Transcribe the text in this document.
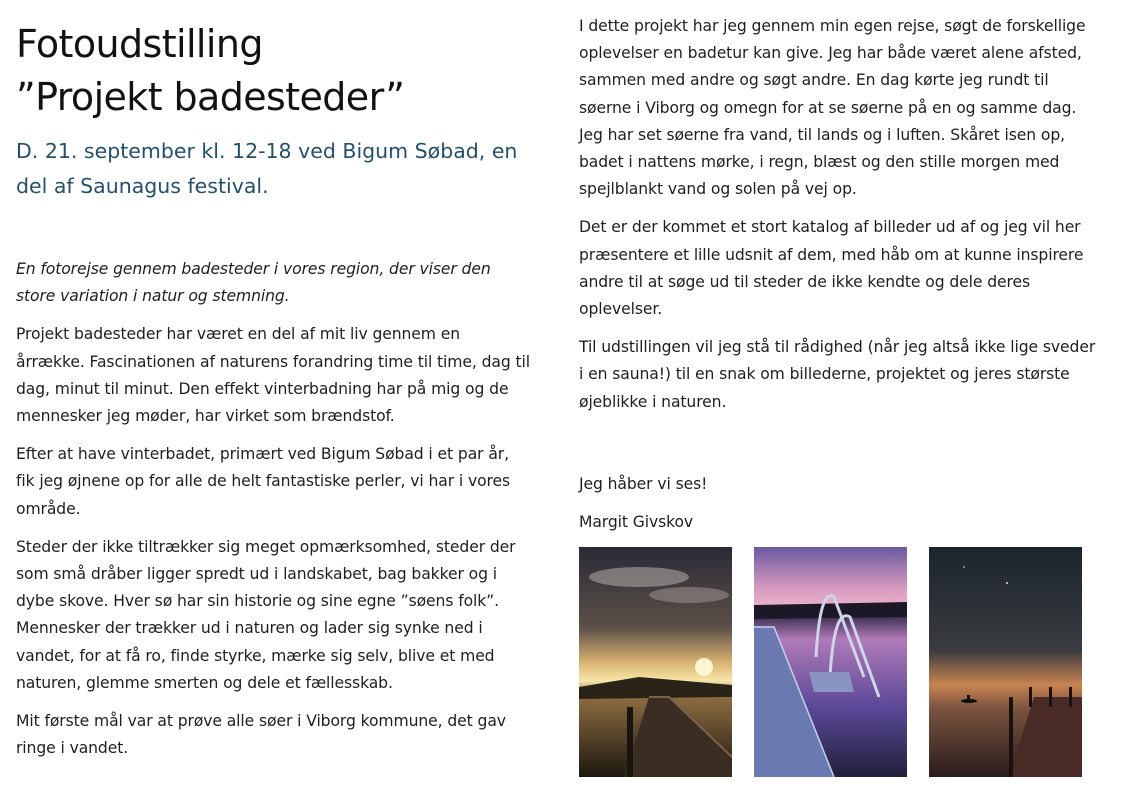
Fotoudstilling
”Projekt badesteder”
D. 21. september kl. 12-18 ved Bigum Søbad, en del af Saunagus festival.

En fotorejse gennem badesteder i vores region, der viser den store variation i natur og stemning.

Projekt badesteder har været en del af mit liv gennem en årrække. Fascinationen af naturens forandring time til time, dag til dag, minut til minut. Den effekt vinterbadning har på mig og de mennesker jeg møder, har virket som brændstof.

Efter at have vinterbadet, primært ved Bigum Søbad i et par år, fik jeg øjnene op for alle de helt fantastiske perler, vi har i vores område.

Steder der ikke tiltrækker sig meget opmærksomhed, steder der som små dråber ligger spredt ud i landskabet, bag bakker og i dybe skove. Hver sø har sin historie og sine egne ”søens folk”. Mennesker der trækker ud i naturen og lader sig synke ned i vandet, for at få ro, finde styrke, mærke sig selv, blive et med naturen, glemme smerten og dele et fællesskab.

Mit første mål var at prøve alle søer i Viborg kommune, det gav ringe i vandet.

I dette projekt har jeg gennem min egen rejse, søgt de forskellige oplevelser en badetur kan give. Jeg har både været alene afsted, sammen med andre og søgt andre. En dag kørte jeg rundt til søerne i Viborg og omegn for at se søerne på en og samme dag. Jeg har set søerne fra vand, til lands og i luften. Skåret isen op, badet i nattens mørke, i regn, blæst og den stille morgen med spejlblankt vand og solen på vej op.

Det er der kommet et stort katalog af billeder ud af og jeg vil her præsentere et lille udsnit af dem, med håb om at kunne inspirere andre til at søge ud til steder de ikke kendte og dele deres oplevelser.

Til udstillingen vil jeg stå til rådighed (når jeg altså ikke lige sveder i en sauna!) til en snak om billederne, projektet og jeres største øjeblikke i naturen.

Jeg håber vi ses!

Margit Givskov
